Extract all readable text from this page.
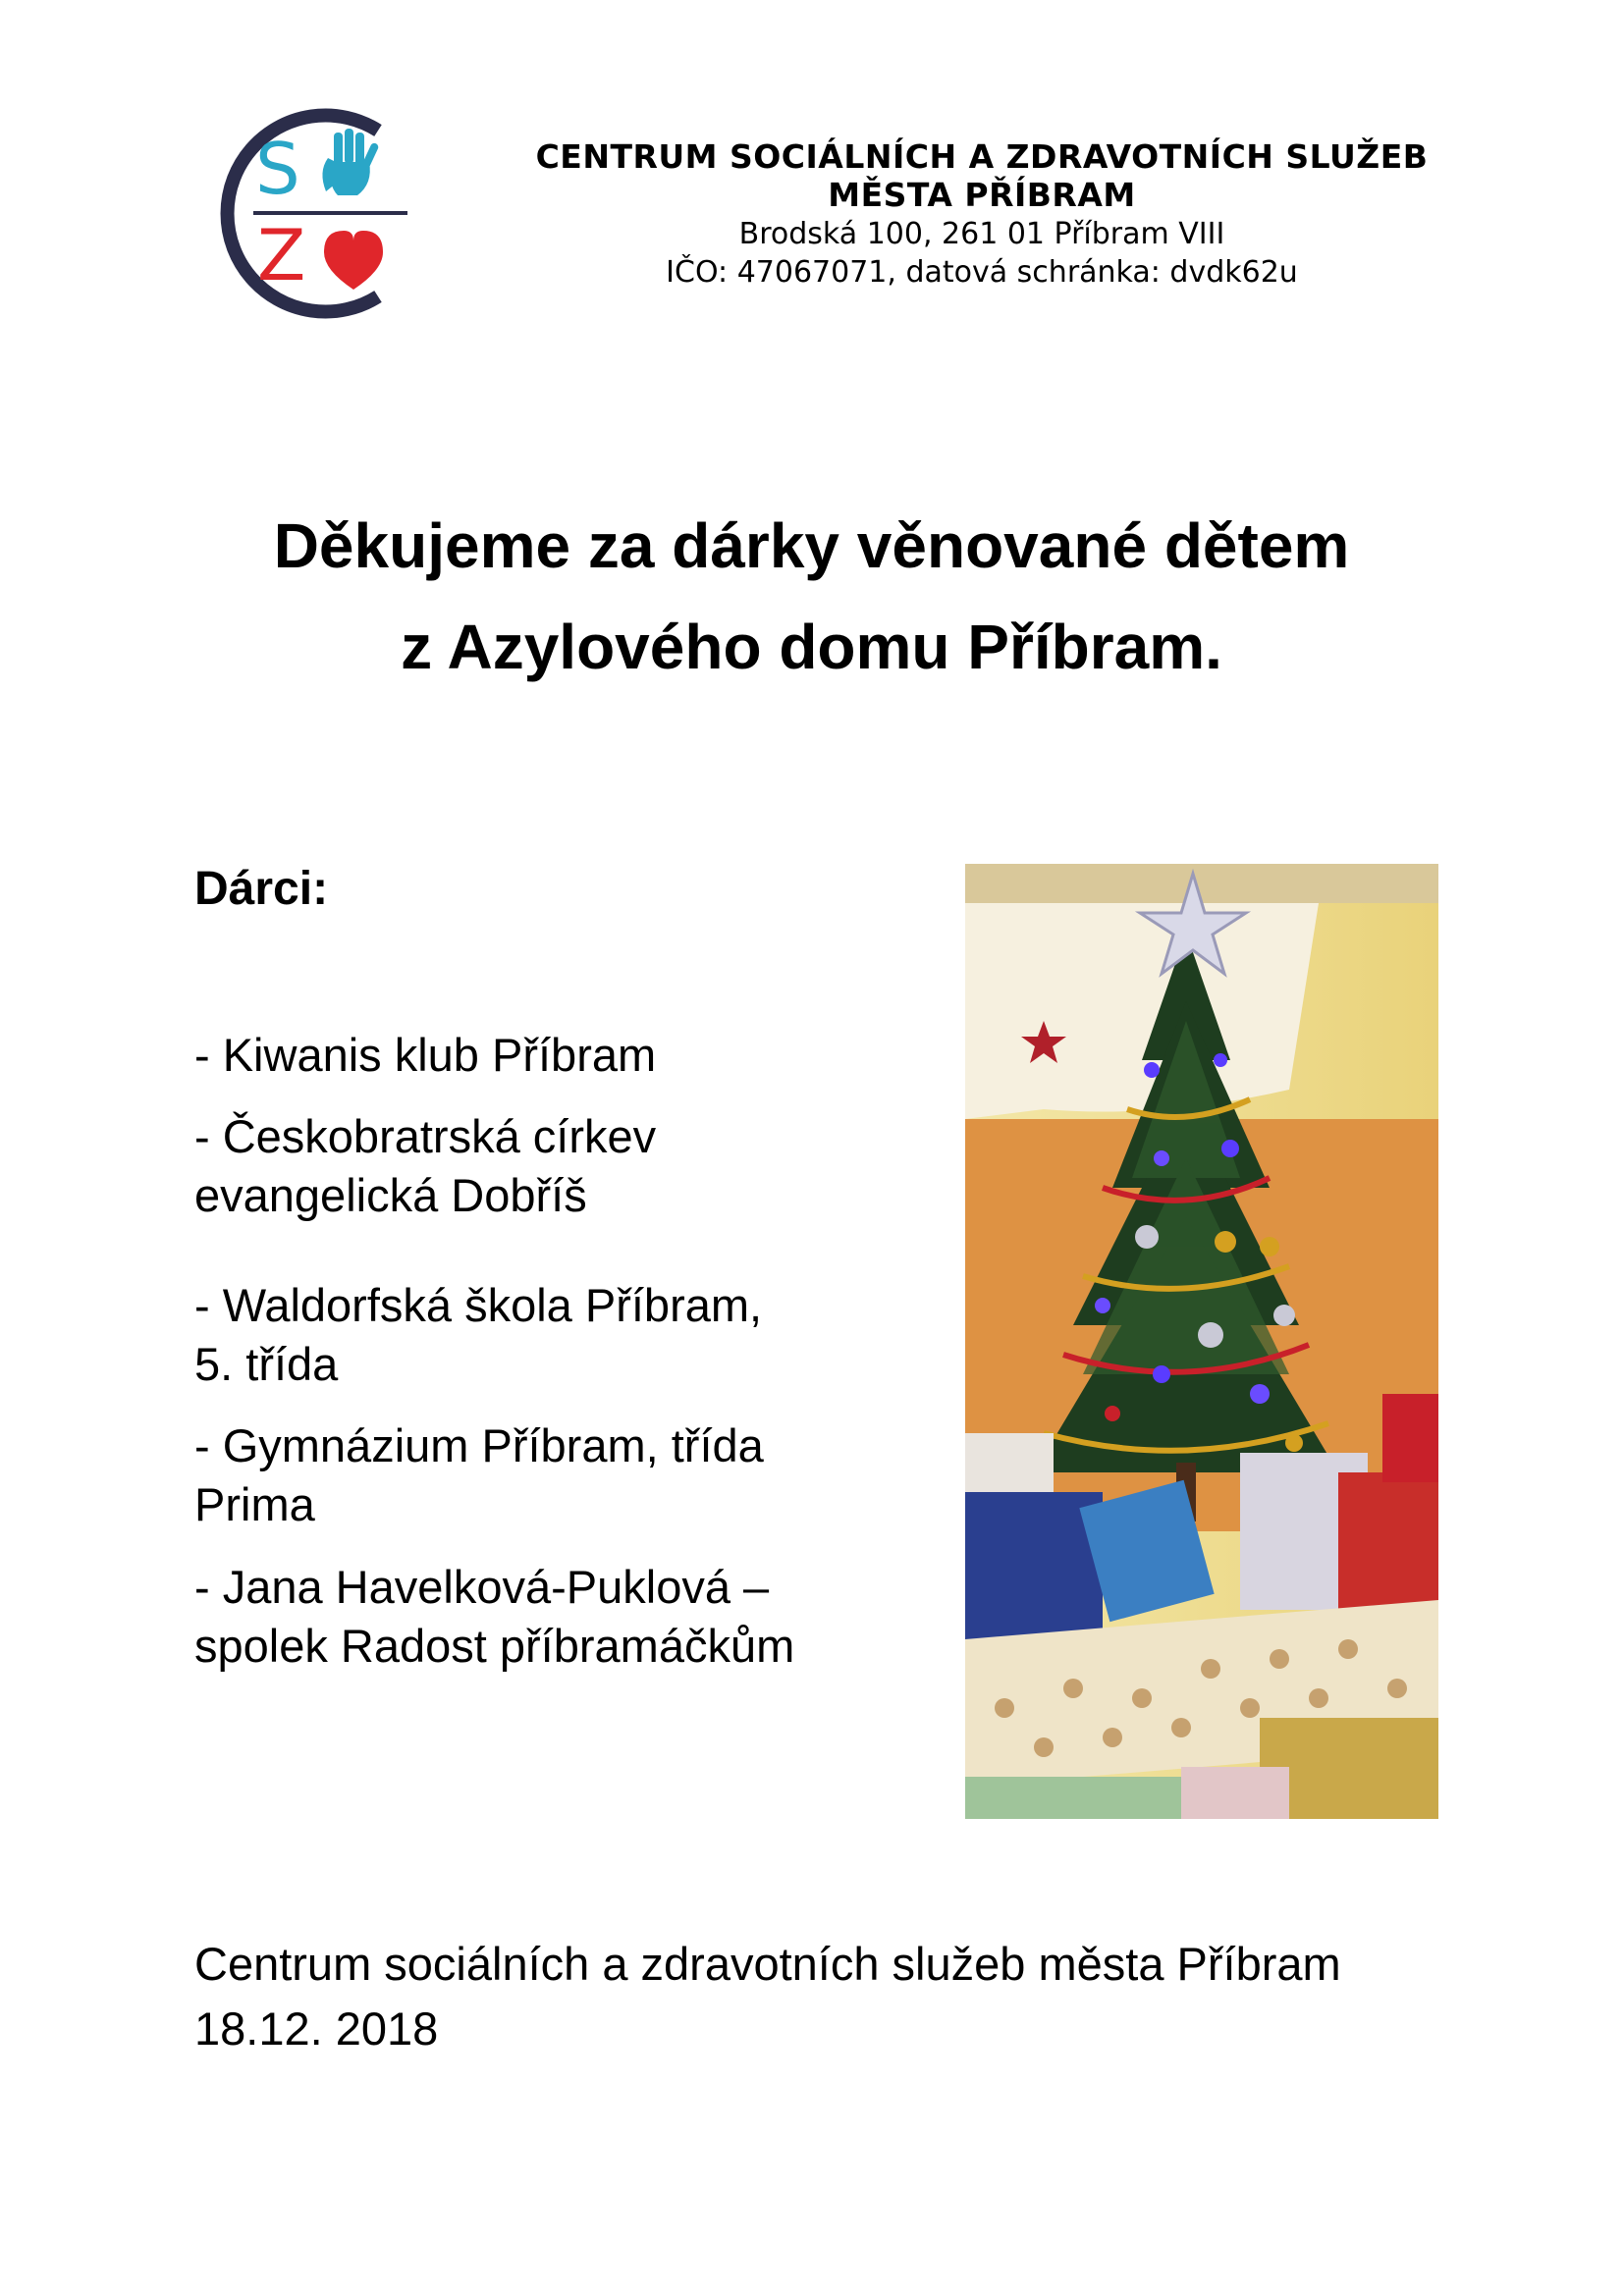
S
Z
CENTRUM SOCIÁLNÍCH A ZDRAVOTNÍCH SLUŽEB
MĚSTA PŘÍBRAM
Brodská 100, 261 01 Příbram VIII
IČO: 47067071, datová schránka: dvdk62u
Děkujeme za dárky věnované dětem
z Azylového domu Příbram.
Dárci:
- Kiwanis klub Příbram
- Českobratrská církev
evangelická Dobříš
- Waldorfská škola Příbram,
5. třída
- Gymnázium Příbram, třída
Prima
- Jana Havelková-Puklová –
spolek Radost příbramáčkům
Centrum sociálních a zdravotních služeb města Příbram
18.12. 2018
